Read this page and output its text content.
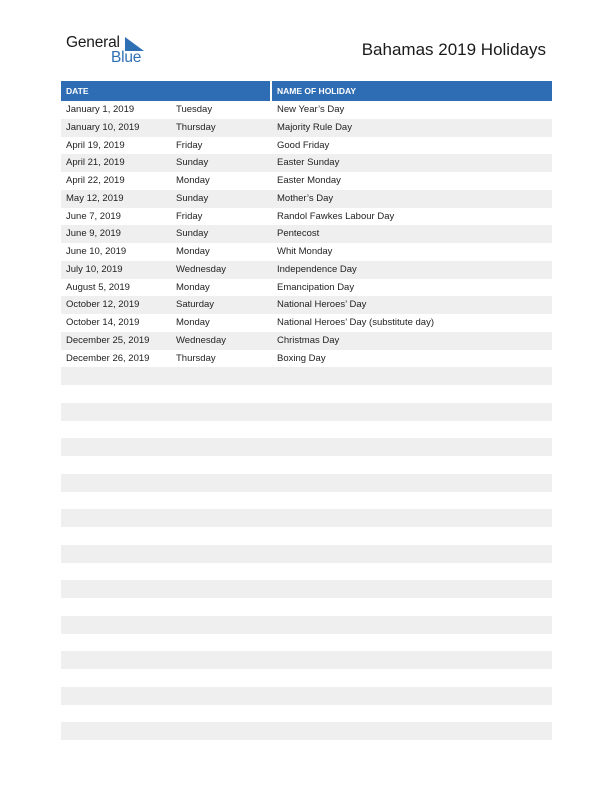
General
Blue	Bahamas 2019 Holidays
DATE	NAME OF HOLIDAY
January 1, 2019	Tuesday	New Year’s Day
January 10, 2019	Thursday	Majority Rule Day
April 19, 2019	Friday	Good Friday
April 21, 2019	Sunday	Easter Sunday
April 22, 2019	Monday	Easter Monday
May 12, 2019	Sunday	Mother’s Day
June 7, 2019	Friday	Randol Fawkes Labour Day
June 9, 2019	Sunday	Pentecost
June 10, 2019	Monday	Whit Monday
July 10, 2019	Wednesday	Independence Day
August 5, 2019	Monday	Emancipation Day
October 12, 2019	Saturday	National Heroes’ Day
October 14, 2019	Monday	National Heroes’ Day (substitute day)
December 25, 2019	Wednesday	Christmas Day
December 26, 2019	Thursday	Boxing Day
